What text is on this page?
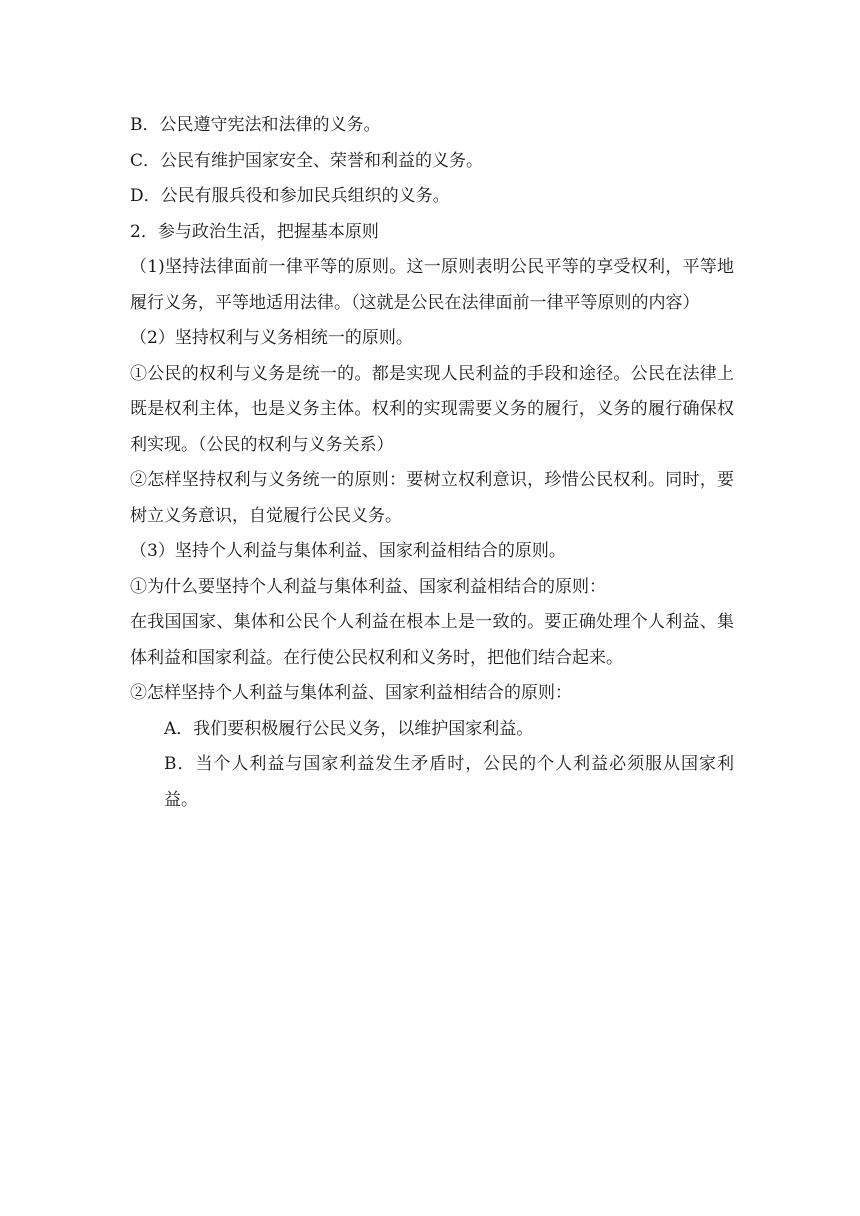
B．公民遵守宪法和法律的义务。

C．公民有维护国家安全、荣誉和利益的义务。

D．公民有服兵役和参加民兵组织的义务。

2．参与政治生活，把握基本原则

（1)坚持法律面前一律平等的原则。这一原则表明公民平等的享受权利，平等地履行义务，平等地适用法律。（这就是公民在法律面前一律平等原则的内容）

（2）坚持权利与义务相统一的原则。

①公民的权利与义务是统一的。都是实现人民利益的手段和途径。公民在法律上既是权利主体，也是义务主体。权利的实现需要义务的履行，义务的履行确保权利实现。（公民的权利与义务关系）

②怎样坚持权利与义务统一的原则：要树立权利意识，珍惜公民权利。同时，要树立义务意识，自觉履行公民义务。

（3）坚持个人利益与集体利益、国家利益相结合的原则。

①为什么要坚持个人利益与集体利益、国家利益相结合的原则：

在我国国家、集体和公民个人利益在根本上是一致的。要正确处理个人利益、集体利益和国家利益。在行使公民权利和义务时，把他们结合起来。

②怎样坚持个人利益与集体利益、国家利益相结合的原则：

A．我们要积极履行公民义务，以维护国家利益。

B．当个人利益与国家利益发生矛盾时，公民的个人利益必须服从国家利益。
